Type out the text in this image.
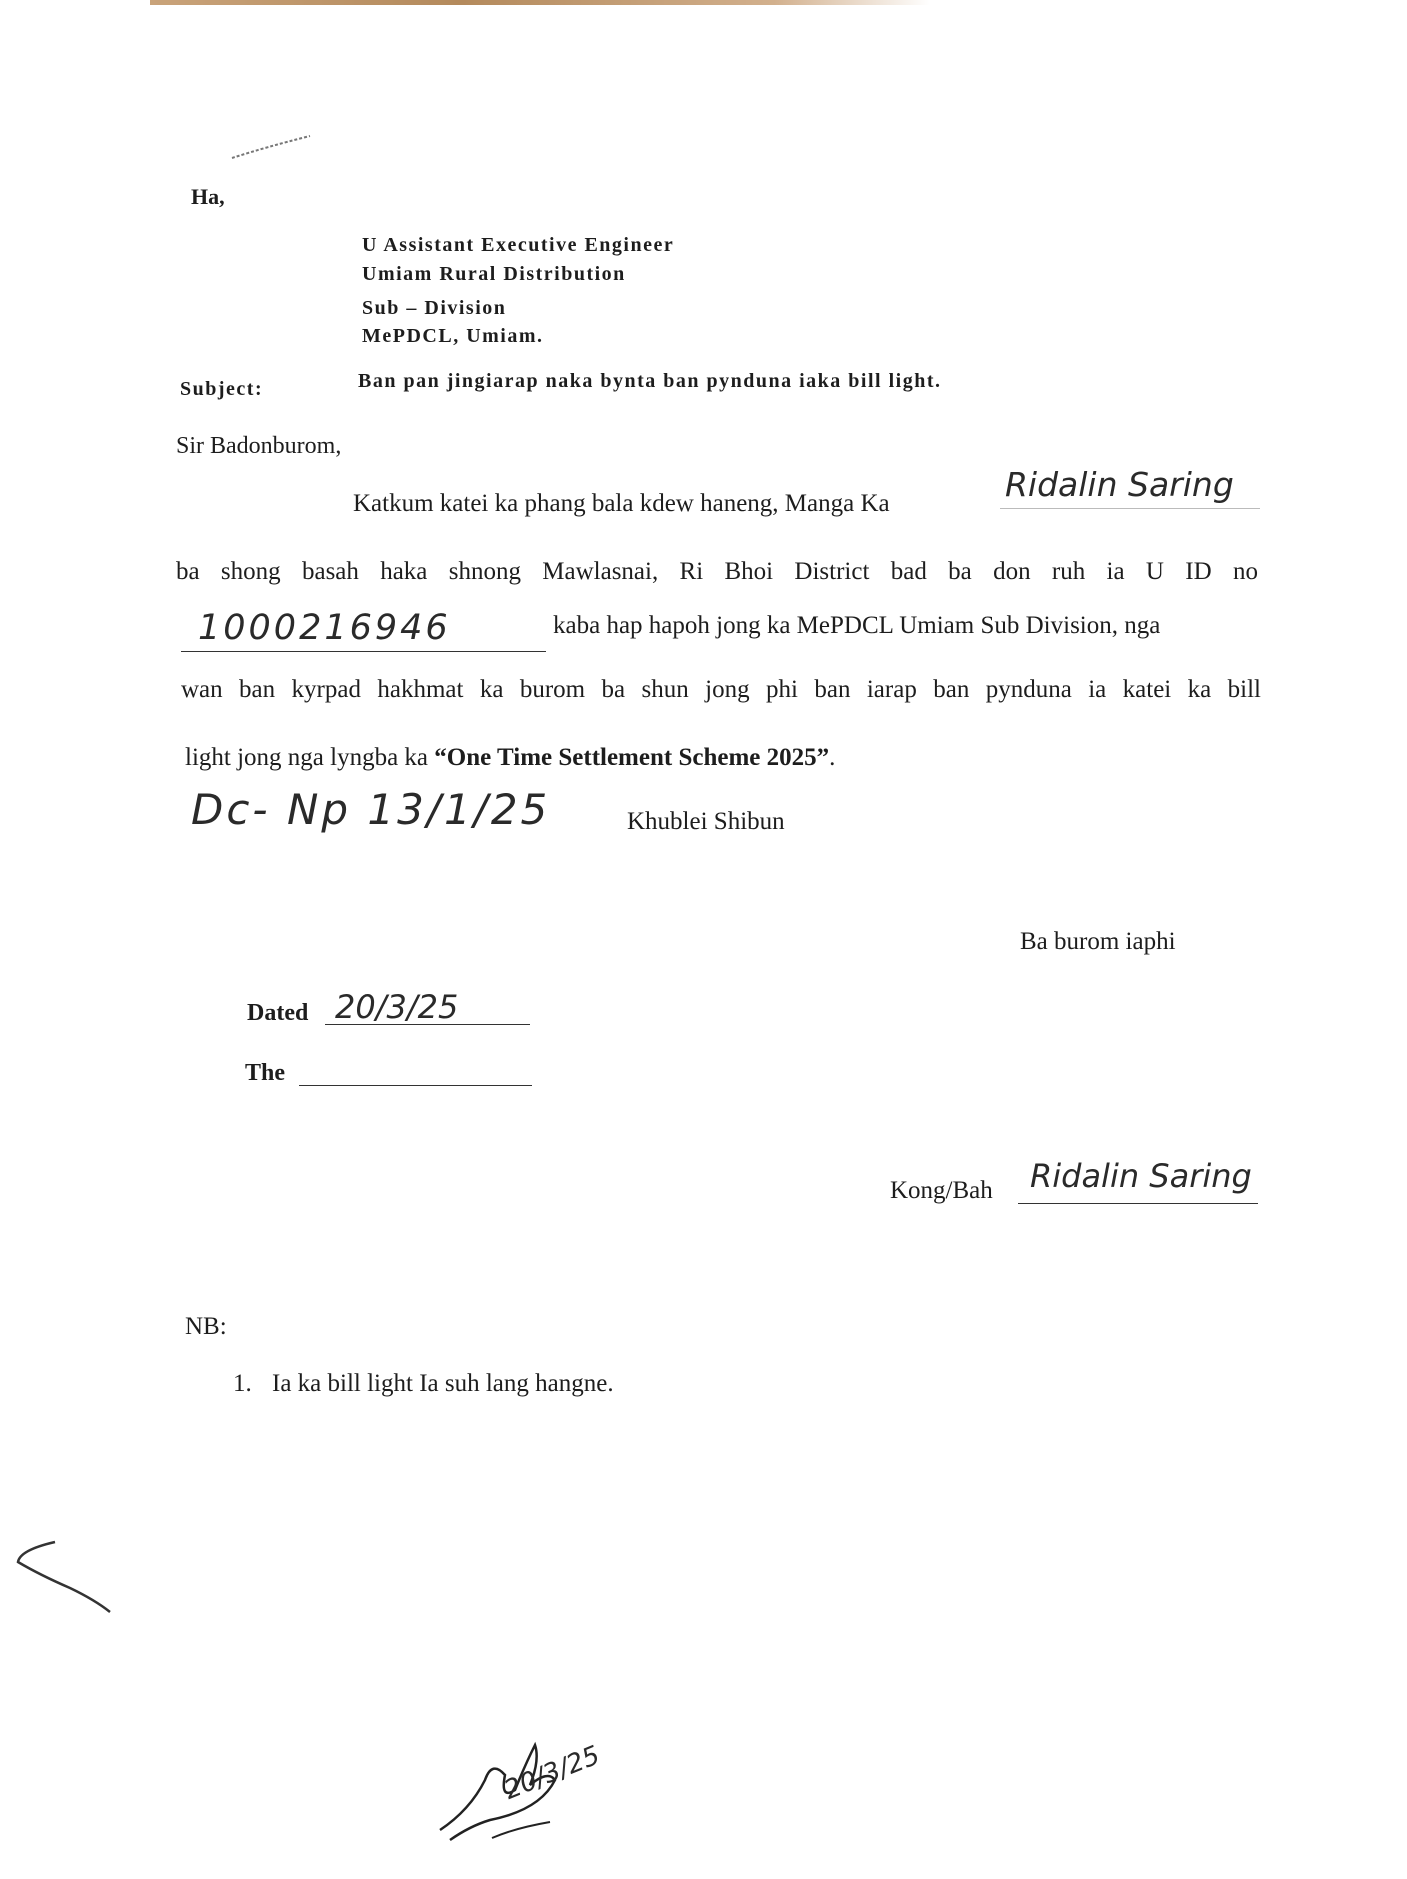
Ha,
U Assistant Executive Engineer
Umiam Rural Distribution
Sub – Division
MePDCL, Umiam.
Subject:	Ban pan jingiarap naka bynta ban pynduna iaka bill light.
Sir Badonburom,
Katkum katei ka phang bala kdew haneng, Manga Ka	Ridalin Saring
ba shong basah haka shnong Mawlasnai, Ri Bhoi District bad ba don ruh ia U ID no
1000216946	kaba hap hapoh jong ka MePDCL Umiam Sub Division, nga
wan ban kyrpad hakhmat ka burom ba shun jong phi ban iarap ban pynduna ia katei ka bill
light jong nga lyngba ka “One Time Settlement Scheme 2025”.
Dc- Np 13/1/25	Khublei Shibun
Ba burom iaphi
Dated 20/3/25
The
Kong/Bah Ridalin Saring
NB:
1. Ia ka bill light Ia suh lang hangne.
20/3/25
